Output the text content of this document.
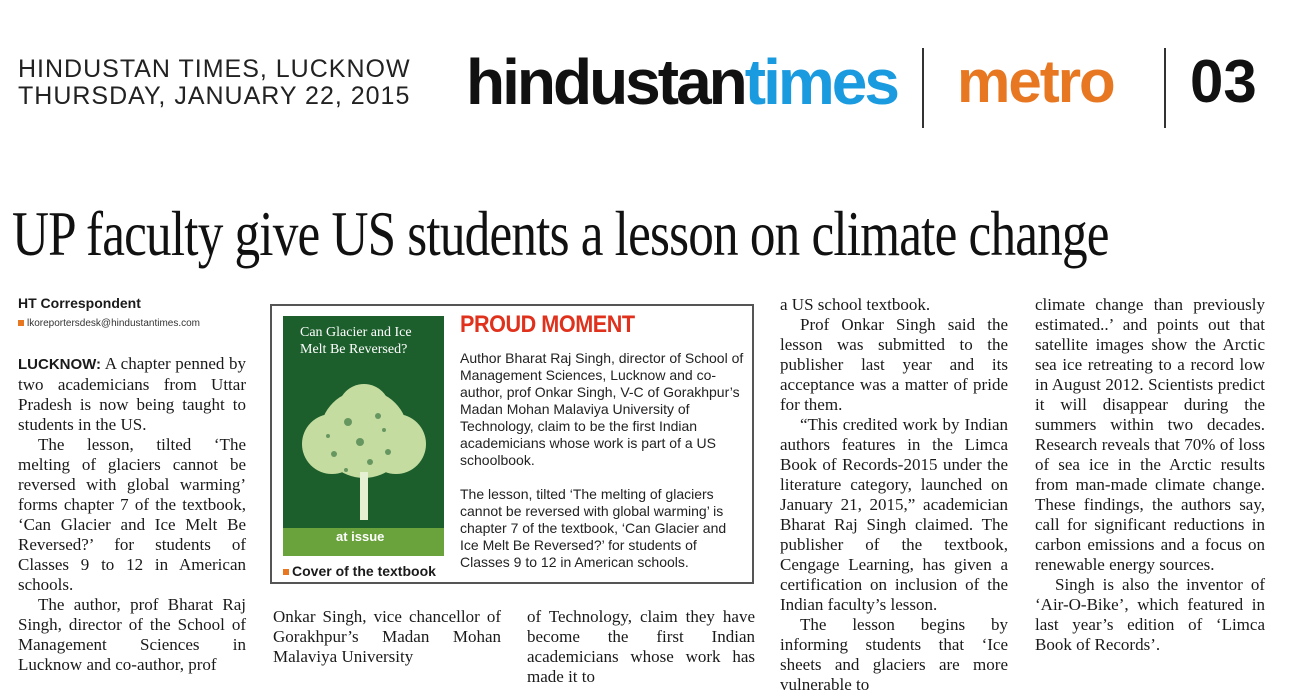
HINDUSTAN TIMES, LUCKNOW
THURSDAY, JANUARY 22, 2015 hindustantimes metro 03
UP faculty give US students a lesson on climate change
HT Correspondent
lkoreportersdesk@hindustantimes.com

LUCKNOW: A chapter penned by two academicians from Uttar Pradesh is now being taught to students in the US.

The lesson, tilted ‘The melting of glaciers cannot be reversed with global warming’ forms chapter 7 of the textbook, ‘Can Glacier and Ice Melt Be Reversed?’ for students of Classes 9 to 12 in American schools.

The author, prof Bharat Raj Singh, director of the School of Management Sciences in Lucknow and co-author, prof

Can Glacier and Ice Melt Be Reversed?
at issue
Cover of the textbook
PROUD MOMENT

Author Bharat Raj Singh, director of School of Management Sciences, Lucknow and co-author, prof Onkar Singh, V-C of Gorakhpur’s Madan Mohan Malaviya University of Technology, claim to be the first Indian academicians whose work is part of a US schoolbook.

The lesson, tilted ‘The melting of glaciers cannot be reversed with global warming’ is chapter 7 of the textbook, ‘Can Glacier and Ice Melt Be Reversed?’ for students of Classes 9 to 12 in American schools.

Onkar Singh, vice chancellor of Gorakhpur’s Madan Mohan Malaviya University

of Technology, claim they have become the first Indian academicians whose work has made it to

a US school textbook.

Prof Onkar Singh said the lesson was submitted to the publisher last year and its acceptance was a matter of pride for them.

“This credited work by Indian authors features in the Limca Book of Records-2015 under the literature category, launched on January 21, 2015,” academician Bharat Raj Singh claimed. The publisher of the textbook, Cengage Learning, has given a certification on inclusion of the Indian faculty’s lesson.

The lesson begins by informing students that ‘Ice sheets and glaciers are more vulnerable to

climate change than previously estimated..’ and points out that satellite images show the Arctic sea ice retreating to a record low in August 2012. Scientists predict it will disappear during the summers within two decades. Research reveals that 70% of loss of sea ice in the Arctic results from man-made climate change. These findings, the authors say, call for significant reductions in carbon emissions and a focus on renewable energy sources.

Singh is also the inventor of ‘Air-O-Bike’, which featured in last year’s edition of ‘Limca Book of Records’.
